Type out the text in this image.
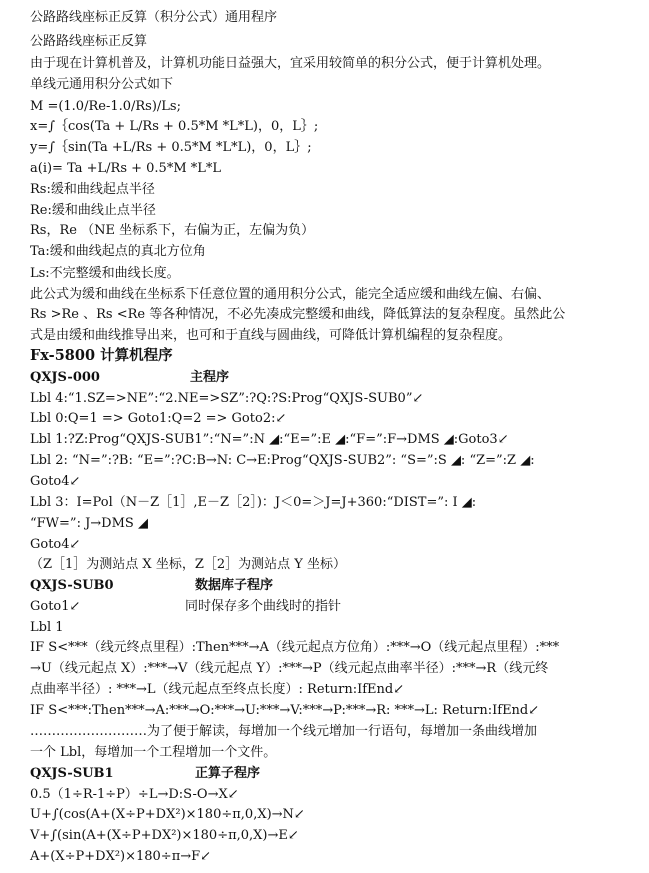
公路路线座标正反算（积分公式）通用程序
公路路线座标正反算
由于现在计算机普及，计算机功能日益强大，宜采用较简单的积分公式，便于计算机处理。
单线元通用积分公式如下
M =(1.0/Re-1.0/Rs)/Ls;
x=∫｛cos(Ta + L/Rs + 0.5*M *L*L)，0，L｝;
y=∫｛sin(Ta +L/Rs + 0.5*M *L*L)，0，L｝;
a(i)= Ta +L/Rs + 0.5*M *L*L
Rs:缓和曲线起点半径
Re:缓和曲线止点半径
Rs，Re （NE 坐标系下，右偏为正，左偏为负）
Ta:缓和曲线起点的真北方位角
Ls:不完整缓和曲线长度。
此公式为缓和曲线在坐标系下任意位置的通用积分公式，能完全适应缓和曲线左偏、右偏、
Rs >Re 、Rs <Re 等各种情况，不必先凑成完整缓和曲线，降低算法的复杂程度。虽然此公
式是由缓和曲线推导出来，也可和于直线与圆曲线，可降低计算机编程的复杂程度。
Fx-5800 计算机程序
QXJS-000	主程序
Lbl 4:“1.SZ=>NE”:“2.NE=>SZ”:?Q:?S:Prog“QXJS-SUB0”↙
Lbl 0:Q=1 => Goto1:Q=2 => Goto2:↙
Lbl 1:?Z:Prog“QXJS-SUB1”:“N=”:N ◢:“E=”:E ◢:“F=”:F→DMS ◢:Goto3↙
Lbl 2: “N=”:?B: “E=”:?C:B→N: C→E:Prog“QXJS-SUB2”: “S=”:S ◢: “Z=”:Z ◢:
Goto4↙
Lbl 3：I=Pol（N－Z［1］,E－Z［2］)：J＜0=＞J=J+360:“DIST=”: I ◢:
“FW=”: J→DMS ◢
Goto4↙
（Z［1］为测站点 X 坐标，Z［2］为测站点 Y 坐标）
QXJS-SUB0	数据库子程序
Goto1↙	同时保存多个曲线时的指针
Lbl 1
IF S<***（线元终点里程）:Then***→A（线元起点方位角）:***→O（线元起点里程）:***
→U（线元起点 X）:***→V（线元起点 Y）:***→P（线元起点曲率半径）:***→R（线元终
点曲率半径）: ***→L（线元起点至终点长度）: Return:IfEnd↙
IF S<***:Then***→A:***→O:***→U:***→V:***→P:***→R: ***→L: Return:IfEnd↙
………………………为了便于解读，每增加一个线元增加一行语句，每增加一条曲线增加
一个 Lbl，每增加一个工程增加一个文件。
QXJS-SUB1	正算子程序
0.5（1÷R-1÷P）÷L→D:S-O→X↙
U+∫(cos(A+(X÷P+DX²)×180÷π,0,X)→N↙
V+∫(sin(A+(X÷P+DX²)×180÷π,0,X)→E↙
A+(X÷P+DX²)×180÷π→F↙
